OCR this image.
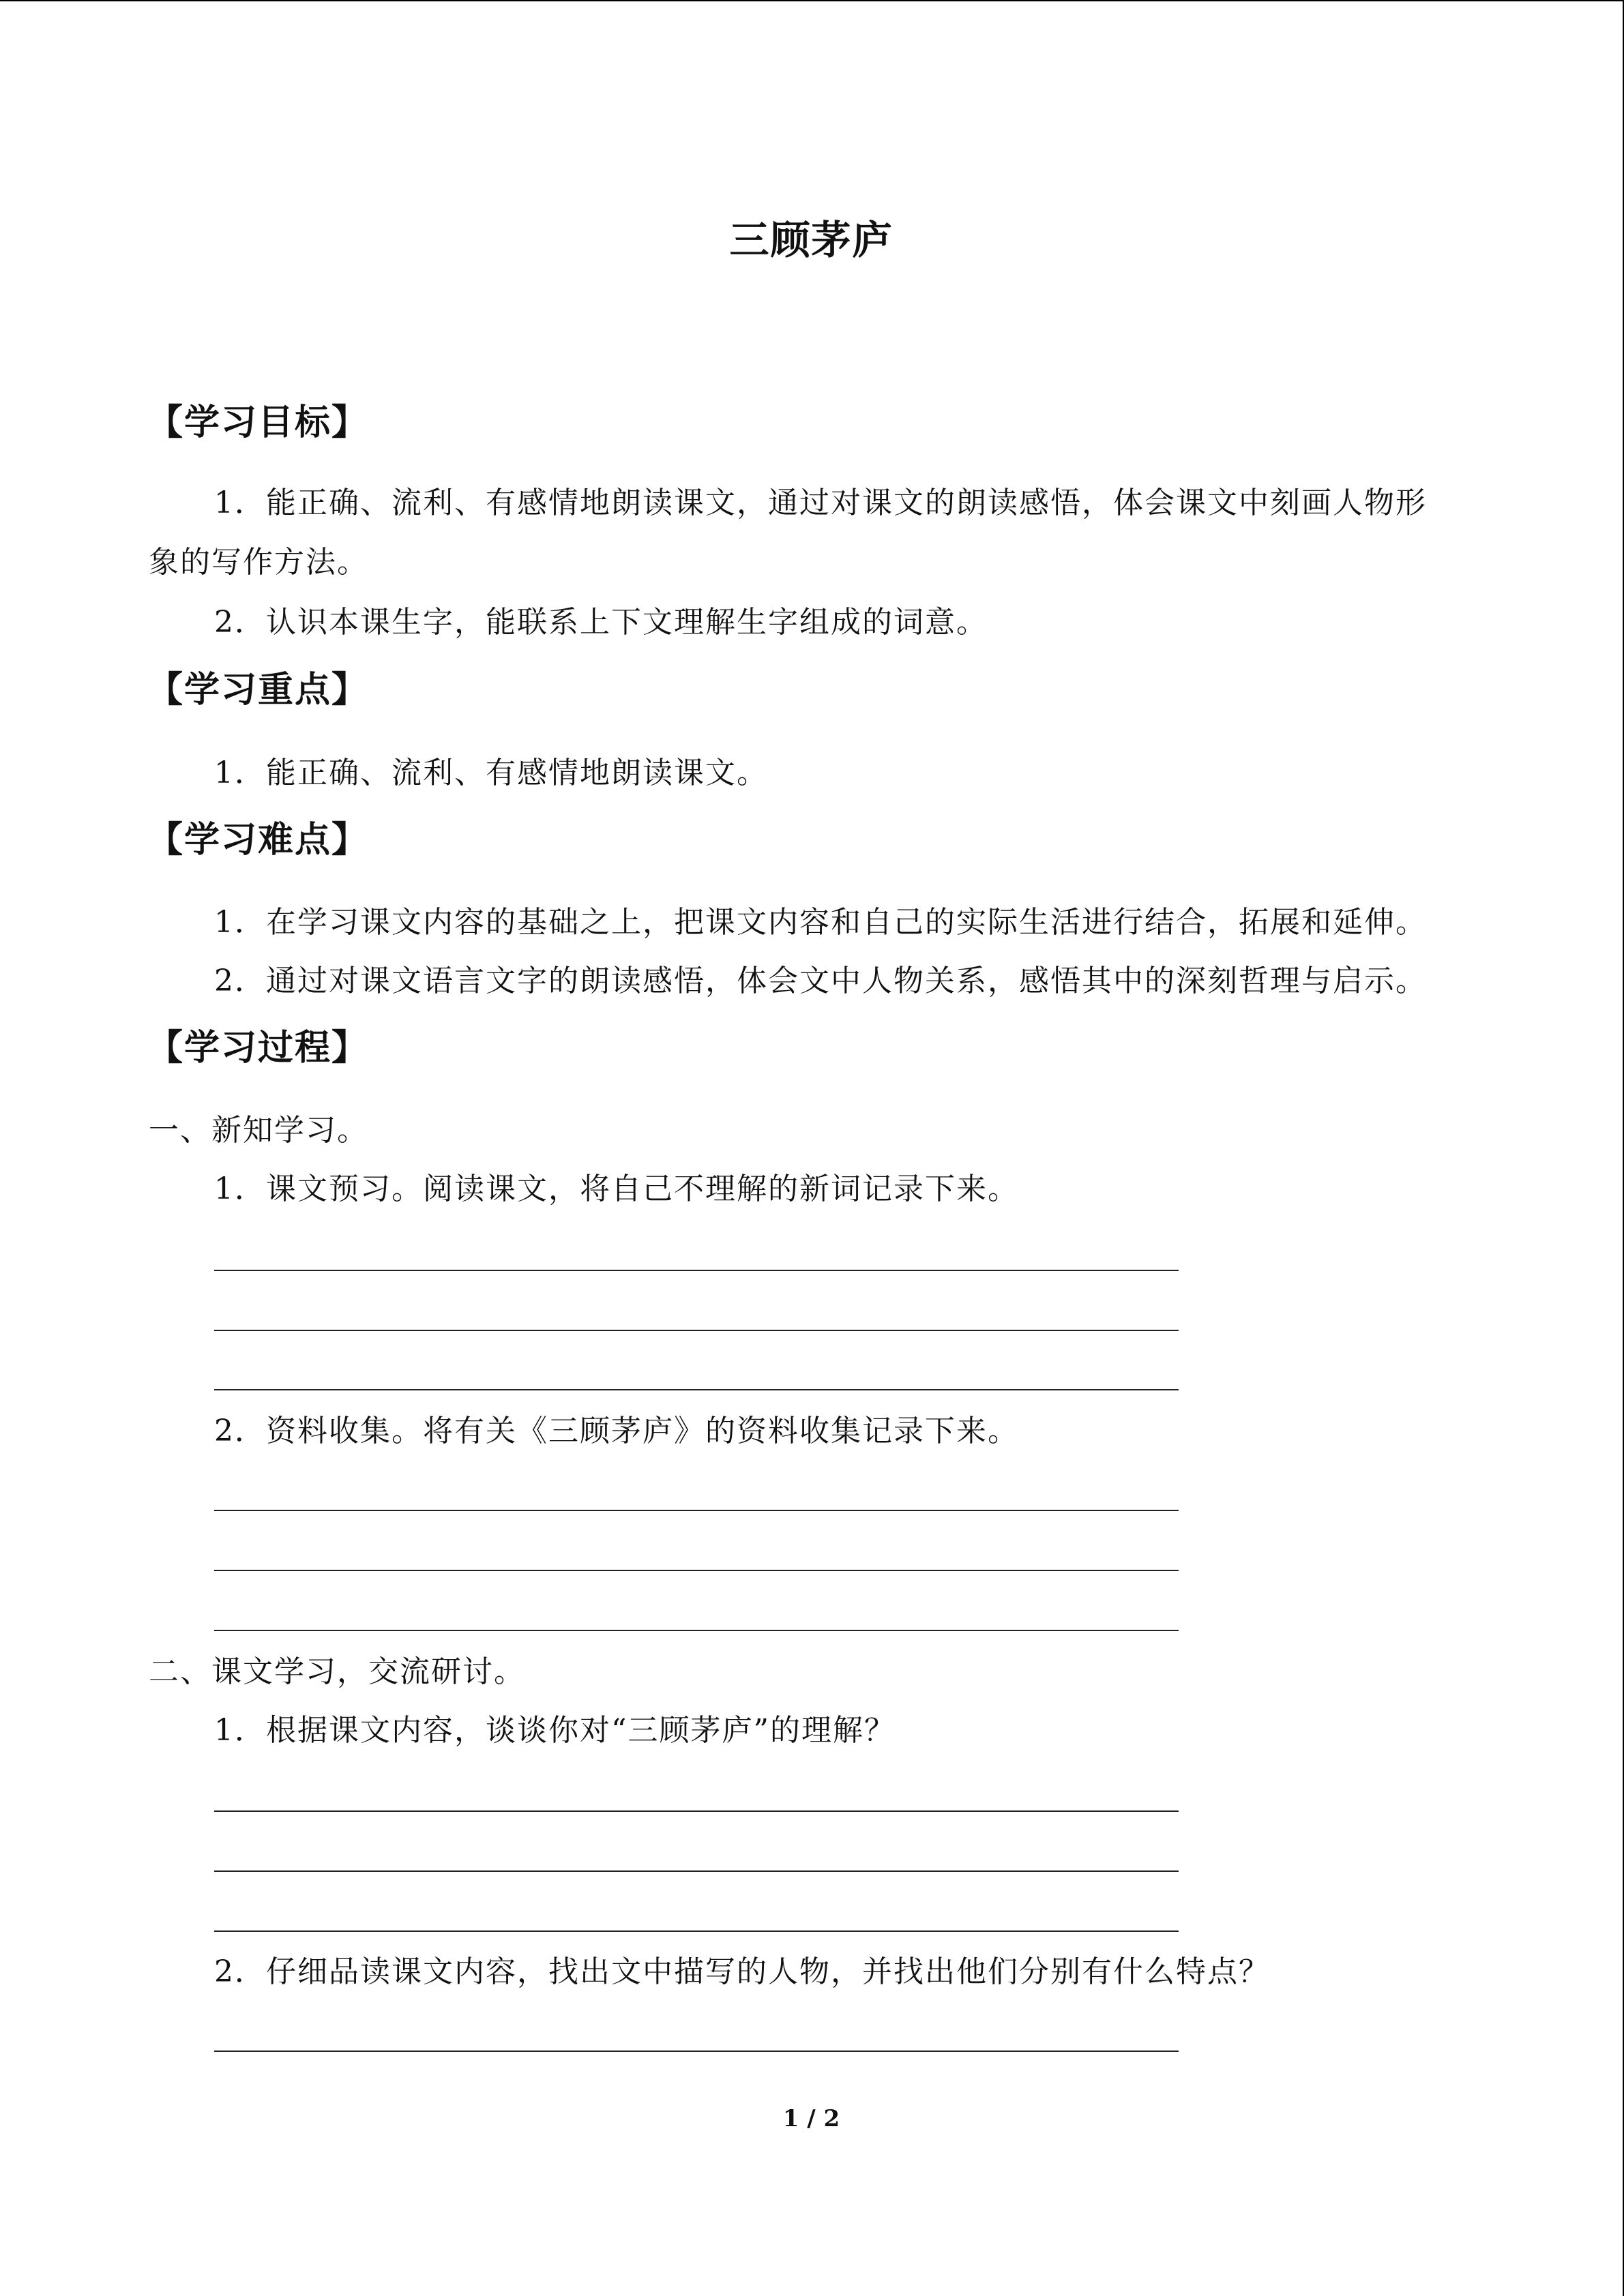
三顾茅庐
【学习目标】
1．能正确、流利、有感情地朗读课文，通过对课文的朗读感悟，体会课文中刻画人物形
象的写作方法。
2．认识本课生字，能联系上下文理解生字组成的词意。
【学习重点】
1．能正确、流利、有感情地朗读课文。
【学习难点】
1．在学习课文内容的基础之上，把课文内容和自己的实际生活进行结合，拓展和延伸。
2．通过对课文语言文字的朗读感悟，体会文中人物关系，感悟其中的深刻哲理与启示。
【学习过程】
一、新知学习。
1．课文预习。阅读课文，将自己不理解的新词记录下来。
2．资料收集。将有关《三顾茅庐》的资料收集记录下来。
二、课文学习，交流研讨。
1．根据课文内容，谈谈你对“三顾茅庐”的理解？
2．仔细品读课文内容，找出文中描写的人物，并找出他们分别有什么特点？
1 / 2
